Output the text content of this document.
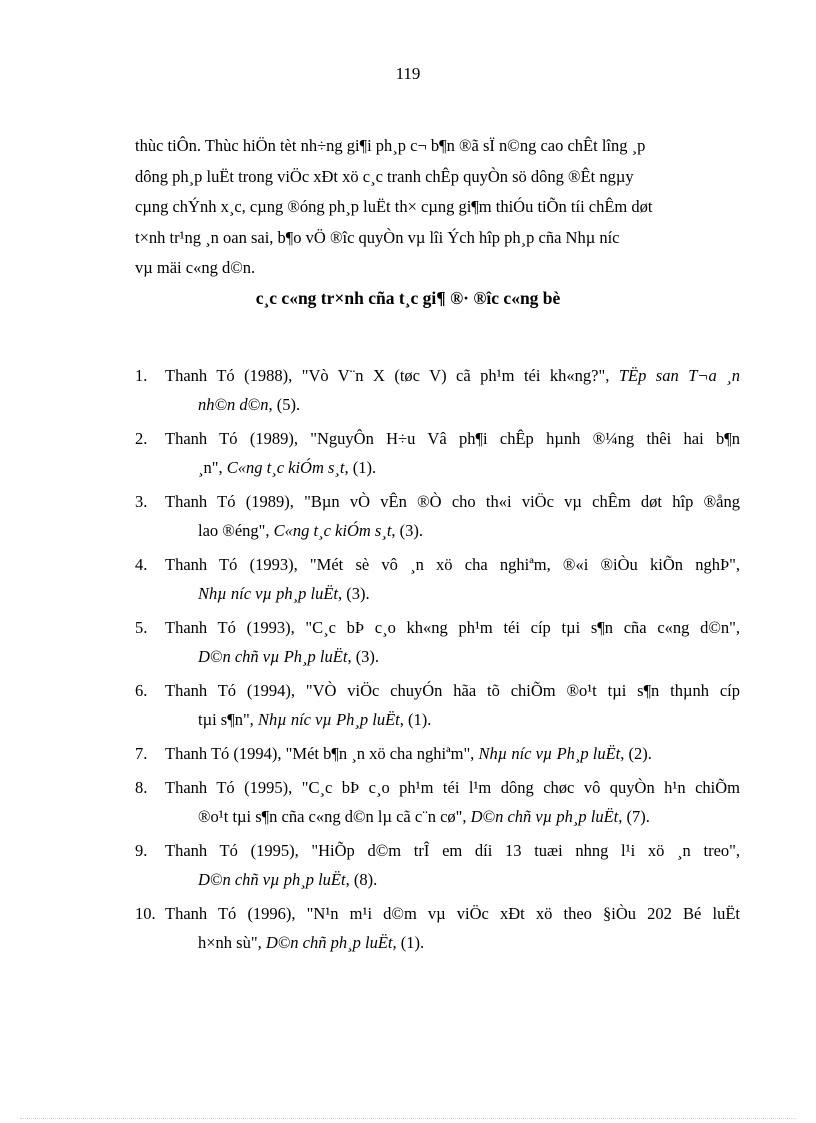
119

thùc tiÔn. Thùc hiÖn tèt nh÷ng gi¶i ph¸p c¬ b¶n ®ã sÏ n©ng cao chÊt lîng ¸p

dông ph¸p luËt trong viÖc xÐt xö c¸c tranh chÊp quyÒn sö dông ®Êt ngµy

cµng chÝnh x¸c, cµng ®óng ph¸p luËt th× cµng gi¶m thiÓu tiÕn tíi chÊm døt

t×nh tr¹ng ¸n oan sai, b¶o vÖ ®îc quyÒn vµ lîi Ých hîp ph¸p cña Nhµ níc

vµ mäi c«ng d©n.

c¸c c«ng tr×nh cña t¸c gi¶ ®· ®îc c«ng bè
1. Thanh Tó (1988), "Vò V¨n X (tøc V) cã ph¹m téi kh«ng?", TËp san T¬a ¸n
nh©n d©n, (5).
2. Thanh Tó (1989), "NguyÔn H÷u Vâ ph¶i chÊp hµnh ®¼ng thêi hai b¶n
¸n", C«ng t¸c kiÓm s¸t, (1).
3. Thanh Tó (1989), "Bµn vÒ vÊn ®Ò cho th«i viÖc vµ chÊm døt hîp ®ång
lao ®éng", C«ng t¸c kiÓm s¸t, (3).
4. Thanh Tó (1993), "Mét sè vô ¸n xö cha nghiªm, ®«i ®iÒu kiÕn nghÞ",
Nhµ níc vµ ph¸p luËt, (3).
5. Thanh Tó (1993), "C¸c bÞ c¸o kh«ng ph¹m téi cíp tµi s¶n cña c«ng d©n",
D©n chñ vµ Ph¸p luËt, (3).
6. Thanh Tó (1994), "VÒ viÖc chuyÓn hãa tõ chiÕm ®o¹t tµi s¶n thµnh cíp
tµi s¶n", Nhµ níc vµ Ph¸p luËt, (1).
7. Thanh Tó (1994), "Mét b¶n ¸n xö cha nghiªm", Nhµ níc vµ Ph¸p luËt, (2).
8. Thanh Tó (1995), "C¸c bÞ c¸o ph¹m téi l¹m dông chøc vô quyÒn h¹n chiÕm
®o¹t tµi s¶n cña c«ng d©n lµ cã c¨n cø", D©n chñ vµ ph¸p luËt, (7).
9. Thanh Tó (1995), "HiÕp d©m trÎ em díi 13 tuæi nhng l¹i xö ¸n treo",
D©n chñ vµ ph¸p luËt, (8).
10. Thanh Tó (1996), "N¹n m¹i d©m vµ viÖc xÐt xö theo §iÒu 202 Bé luËt
h×nh sù", D©n chñ ph¸p luËt, (1).
